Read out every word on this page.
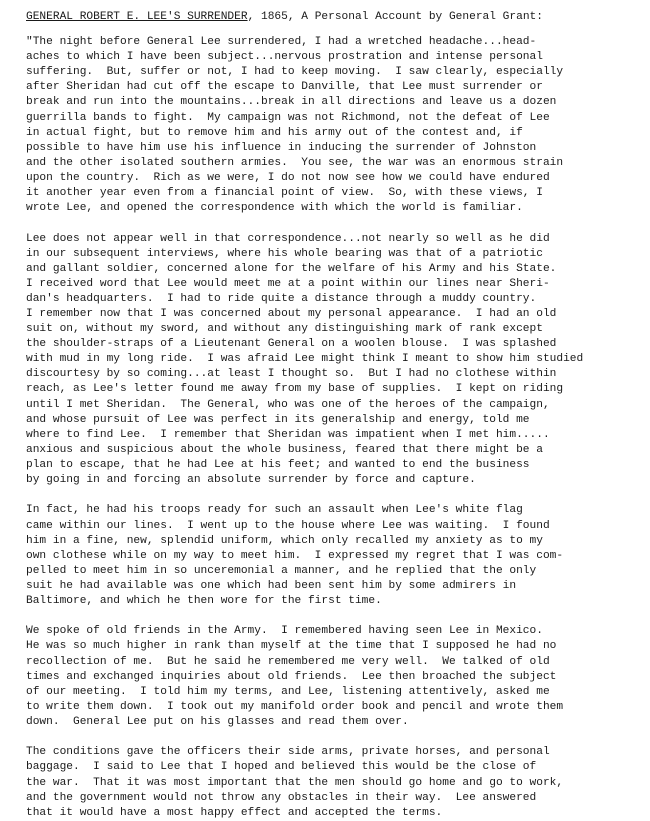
GENERAL ROBERT E. LEE'S SURRENDER, 1865, A Personal Account by General Grant:
"The night before General Lee surrendered, I had a wretched headache...head-
aches to which I have been subject...nervous prostration and intense personal
suffering.  But, suffer or not, I had to keep moving.  I saw clearly, especially
after Sheridan had cut off the escape to Danville, that Lee must surrender or
break and run into the mountains...break in all directions and leave us a dozen
guerrilla bands to fight.  My campaign was not Richmond, not the defeat of Lee
in actual fight, but to remove him and his army out of the contest and, if
possible to have him use his influence in inducing the surrender of Johnston
and the other isolated southern armies.  You see, the war was an enormous strain
upon the country.  Rich as we were, I do not now see how we could have endured
it another year even from a financial point of view.  So, with these views, I
wrote Lee, and opened the correspondence with which the world is familiar.
Lee does not appear well in that correspondence...not nearly so well as he did
in our subsequent interviews, where his whole bearing was that of a patriotic
and gallant soldier, concerned alone for the welfare of his Army and his State.
I received word that Lee would meet me at a point within our lines near Sheri-
dan's headquarters.  I had to ride quite a distance through a muddy country.
I remember now that I was concerned about my personal appearance.  I had an old
suit on, without my sword, and without any distinguishing mark of rank except
the shoulder-straps of a Lieutenant General on a woolen blouse.  I was splashed
with mud in my long ride.  I was afraid Lee might think I meant to show him studied
discourtesy by so coming...at least I thought so.  But I had no clothese within
reach, as Lee's letter found me away from my base of supplies.  I kept on riding
until I met Sheridan.  The General, who was one of the heroes of the campaign,
and whose pursuit of Lee was perfect in its generalship and energy, told me
where to find Lee.  I remember that Sheridan was impatient when I met him.....
anxious and suspicious about the whole business, feared that there might be a
plan to escape, that he had Lee at his feet; and wanted to end the business
by going in and forcing an absolute surrender by force and capture.
In fact, he had his troops ready for such an assault when Lee's white flag
came within our lines.  I went up to the house where Lee was waiting.  I found
him in a fine, new, splendid uniform, which only recalled my anxiety as to my
own clothese while on my way to meet him.  I expressed my regret that I was com-
pelled to meet him in so unceremonial a manner, and he replied that the only
suit he had available was one which had been sent him by some admirers in
Baltimore, and which he then wore for the first time.
We spoke of old friends in the Army.  I remembered having seen Lee in Mexico.
He was so much higher in rank than myself at the time that I supposed he had no
recollection of me.  But he said he remembered me very well.  We talked of old
times and exchanged inquiries about old friends.  Lee then broached the subject
of our meeting.  I told him my terms, and Lee, listening attentively, asked me
to write them down.  I took out my manifold order book and pencil and wrote them
down.  General Lee put on his glasses and read them over.
The conditions gave the officers their side arms, private horses, and personal
baggage.  I said to Lee that I hoped and believed this would be the close of
the war.  That it was most important that the men should go home and go to work,
and the government would not throw any obstacles in their way.  Lee answered
that it would have a most happy effect and accepted the terms.
